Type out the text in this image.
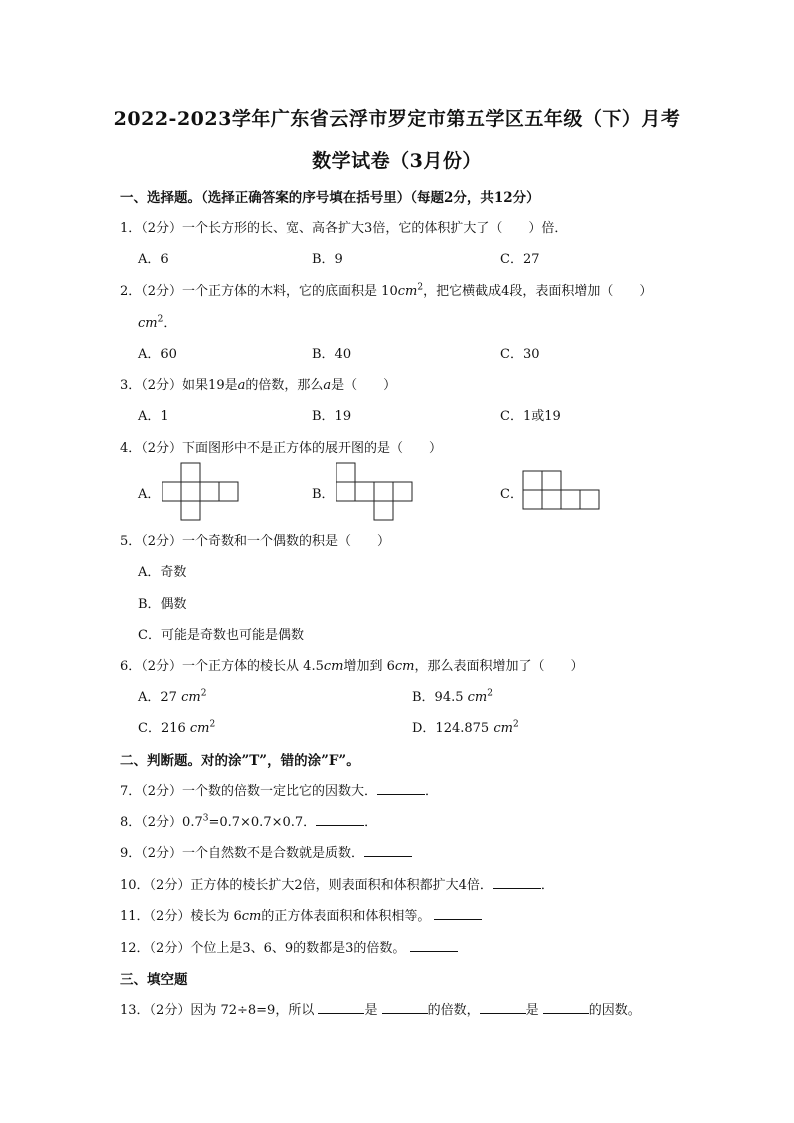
2022-2023学年广东省云浮市罗定市第五学区五年级（下）月考
数学试卷（3月份）
一、选择题。（选择正确答案的序号填在括号里）（每题2分，共12分）
1．（2分）一个长方形的长、宽、高各扩大3倍，它的体积扩大了（　　）倍．
A．6	B．9	C．27
2．（2分）一个正方体的木料，它的底面积是 $10cm^2$，把它横截成4段，表面积增加（　　）
$cm^2$．
A．60	B．40	C．30
3．（2分）如果19是a的倍数，那么a是（　　）
A．1	B．19	C．1或19
4．（2分）下面图形中不是正方体的展开图的是（　　）
A．	B．	C．
5．（2分）一个奇数和一个偶数的积是（　　）
A．奇数
B．偶数
C．可能是奇数也可能是偶数
6．（2分）一个正方体的棱长从 4.5cm增加到 6cm，那么表面积增加了（　　）
A．27 $cm^2$	B．94.5 $cm^2$
C．216 $cm^2$	D．124.875 $cm^2$
二、判断题。对的涂”T”，错的涂”F”。
7．（2分）一个数的倍数一定比它的因数大．	．
8．（2分）$0.7^3=0.7\times 0.7\times 0.7$．	．
9．（2分）一个自然数不是合数就是质数．
10．（2分）正方体的棱长扩大2倍，则表面积和体积都扩大4倍．	．
11．（2分）棱长为 6cm的正方体表面积和体积相等。
12．（2分）个位上是3、6、9的数都是3的倍数。
三、填空题
13．（2分）因为 72÷8=9，所以	是	的倍数，	是	的因数。
